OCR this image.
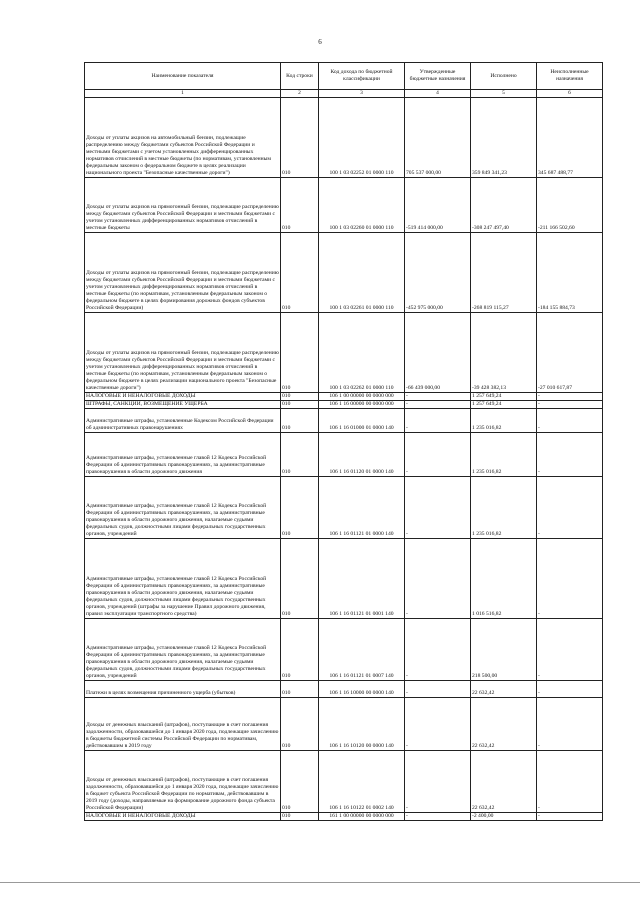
6
Наименование показателя	Код строки	Код дохода по бюджетной классификации	Утвержденные бюджетные назначения	Исполнено	Неисполненные назначения
1	2	3	4	5	6
Доходы от уплаты акцизов на автомобильный бензин, подлежащие распределению между бюджетами субъектов Российской Федерации и местными бюджетами с учетом установленных дифференцированных нормативов отчислений в местные бюджеты (по нормативам, установленным федеральным законом о федеральном бюджете в целях реализации национального проекта "Безопасные качественные дороги")	010	100 1 03 02252 01 0000 110	705 537 000,00	359 849 341,23	345 687 488,77
Доходы от уплаты акцизов на прямогонный бензин, подлежащие распределению между бюджетами субъектов Российской Федерации и местными бюджетами с учетом установленных дифференцированных нормативов отчислений в местные бюджеты	010	100 1 03 02260 01 0000 110	-519 414 000,00	-308 247 497,40	-211 166 502,60
Доходы от уплаты акцизов на прямогонный бензин, подлежащие распределению между бюджетами субъектов Российской Федерации и местными бюджетами с учетом установленных дифференцированных нормативов отчислений в местные бюджеты (по нормативам, установленным федеральным законом о федеральном бюджете в целях формирования дорожных фондов субъектов Российской Федерации)	010	100 1 03 02261 01 0000 110	-452 975 000,00	-268 819 115,27	-184 155 884,73
Доходы от уплаты акцизов на прямогонный бензин, подлежащие распределению между бюджетами субъектов Российской Федерации и местными бюджетами с учетом установленных дифференцированных нормативов отчислений в местные бюджеты (по нормативам, установленным федеральным законом о федеральном бюджете в целях реализации национального проекта "Безопасные качественные дороги")	010	100 1 03 02262 01 0000 110	-66 439 000,00	-39 428 382,13	-27 010 617,87
НАЛОГОВЫЕ И НЕНАЛОГОВЫЕ ДОХОДЫ	010	106 1 00 00000 00 0000 000	-	1 257 649,24	-
ШТРАФЫ, САНКЦИИ, ВОЗМЕЩЕНИЕ УЩЕРБА	010	106 1 16 00000 00 0000 000	-	1 257 649,24	-
Административные штрафы, установленные Кодексом Российской Федерации об административных правонарушениях	010	106 1 16 01000 01 0000 140	-	1 235 016,82	-
Административные штрафы, установленные главой 12 Кодекса Российской Федерации об административных правонарушениях, за административные правонарушения в области дорожного движения	010	106 1 16 01120 01 0000 140	-	1 235 016,82	-
Административные штрафы, установленные главой 12 Кодекса Российской Федерации об административных правонарушениях, за административные правонарушения в области дорожного движения, налагаемые судьями федеральных судов, должностными лицами федеральных государственных органов, учреждений	010	106 1 16 01121 01 0000 140	-	1 235 016,82	-
Административные штрафы, установленные главой 12 Кодекса Российской Федерации об административных правонарушениях, за административные правонарушения в области дорожного движения, налагаемые судьями федеральных судов, должностными лицами федеральных государственных органов, учреждений (штрафы за нарушение Правил дорожного движения, правил эксплуатации транспортного средства)	010	106 1 16 01121 01 0001 140	-	1 016 516,82	-
Административные штрафы, установленные главой 12 Кодекса Российской Федерации об административных правонарушениях, за административные правонарушения в области дорожного движения, налагаемые судьями федеральных судов, должностными лицами федеральных государственных органов, учреждений	010	106 1 16 01121 01 0007 140	-	218 500,00	-
Платежи в целях возмещения причиненного ущерба (убытков)	010	106 1 16 10000 00 0000 140	-	22 632,42	-
Доходы от денежных взысканий (штрафов), поступающие в счет погашения задолженности, образовавшейся до 1 января 2020 года, подлежащие зачислению в бюджеты бюджетной системы Российской Федерации по нормативам, действовавшим в 2019 году	010	106 1 16 10120 00 0000 140	-	22 632,42	-
Доходы от денежных взысканий (штрафов), поступающие в счет погашения задолженности, образовавшейся до 1 января 2020 года, подлежащие зачислению в бюджет субъекта Российской Федерации по нормативам, действовавшим в 2019 году (доходы, направляемые на формирование дорожного фонда субъекта Российской Федерации)	010	106 1 16 10122 01 0002 140	-	22 632,42	-
НАЛОГОВЫЕ И НЕНАЛОГОВЫЕ ДОХОДЫ	010	161 1 00 00000 00 0000 000	-	-2 400,00	-
